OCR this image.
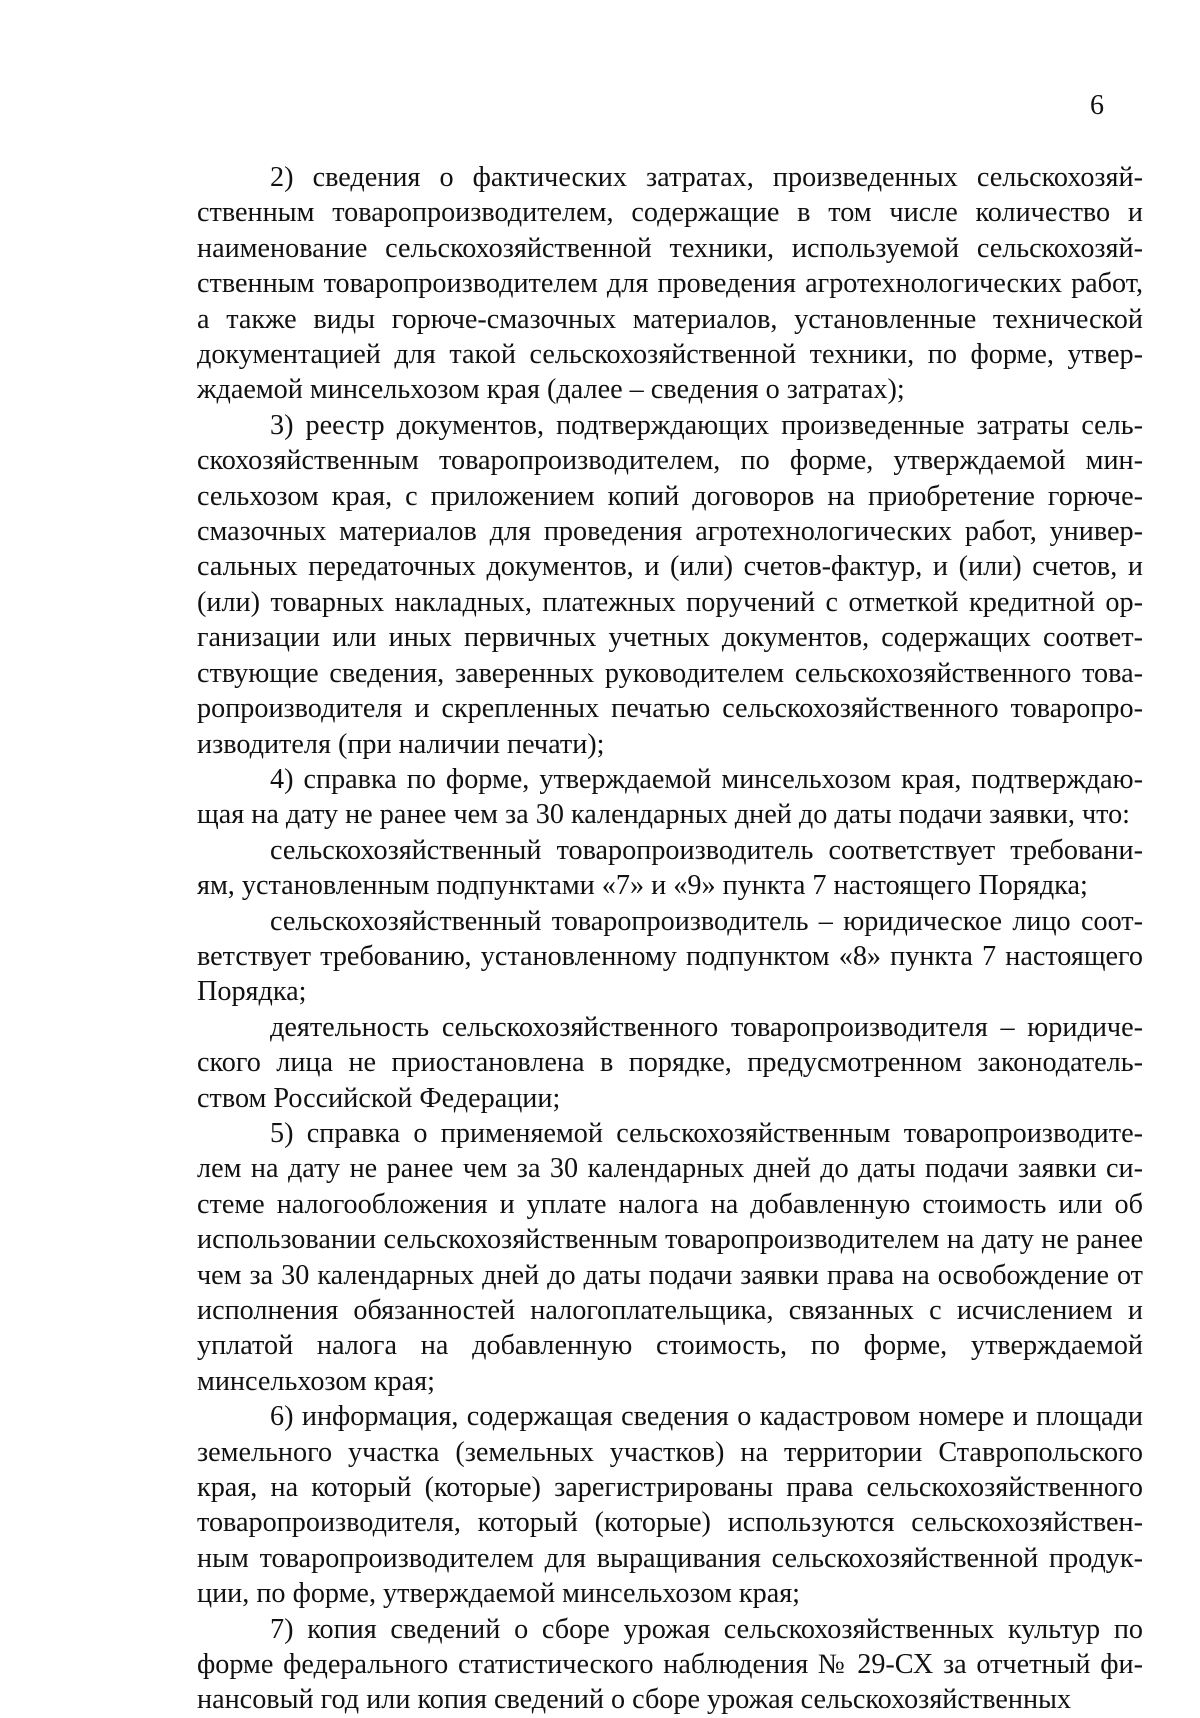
6

2) сведения о фактических затратах, произведенных сельскохозяйственным товаропроизводителем, содержащие в том числе количество и наименование сельскохозяйственной техники, используемой сельскохозяйственным товаропроизводителем для проведения агротехнологических работ, а также виды горюче-смазочных материалов, установленные технической документацией для такой сельскохозяйственной техники, по форме, утверждаемой минсельхозом края (далее – сведения о затратах);

3) реестр документов, подтверждающих произведенные затраты сельскохозяйственным товаропроизводителем, по форме, утверждаемой минсельхозом края, с приложением копий договоров на приобретение горюче-смазочных материалов для проведения агротехнологических работ, универсальных передаточных документов, и (или) счетов-фактур, и (или) счетов, и (или) товарных накладных, платежных поручений с отметкой кредитной организации или иных первичных учетных документов, содержащих соответствующие сведения, заверенных руководителем сельскохозяйственного товаропроизводителя и скрепленных печатью сельскохозяйственного товаропроизводителя (при наличии печати);

4) справка по форме, утверждаемой минсельхозом края, подтверждающая на дату не ранее чем за 30 календарных дней до даты подачи заявки, что:

сельскохозяйственный товаропроизводитель соответствует требованиям, установленным подпунктами «7» и «9» пункта 7 настоящего Порядка;

сельскохозяйственный товаропроизводитель – юридическое лицо соответствует требованию, установленному подпунктом «8» пункта 7 настоящего Порядка;

деятельность сельскохозяйственного товаропроизводителя – юридического лица не приостановлена в порядке, предусмотренном законодательством Российской Федерации;

5) справка о применяемой сельскохозяйственным товаропроизводителем на дату не ранее чем за 30 календарных дней до даты подачи заявки системе налогообложения и уплате налога на добавленную стоимость или об использовании сельскохозяйственным товаропроизводителем на дату не ранее чем за 30 календарных дней до даты подачи заявки права на освобождение от исполнения обязанностей налогоплательщика, связанных с исчислением и уплатой налога на добавленную стоимость, по форме, утверждаемой минсельхозом края;

6) информация, содержащая сведения о кадастровом номере и площади земельного участка (земельных участков) на территории Ставропольского края, на который (которые) зарегистрированы права сельскохозяйственного товаропроизводителя, который (которые) используются сельскохозяйственным товаропроизводителем для выращивания сельскохозяйственной продукции, по форме, утверждаемой минсельхозом края;

7) копия сведений о сборе урожая сельскохозяйственных культур по форме федерального статистического наблюдения № 29-СХ за отчетный финансовый год или копия сведений о сборе урожая сельскохозяйственных
